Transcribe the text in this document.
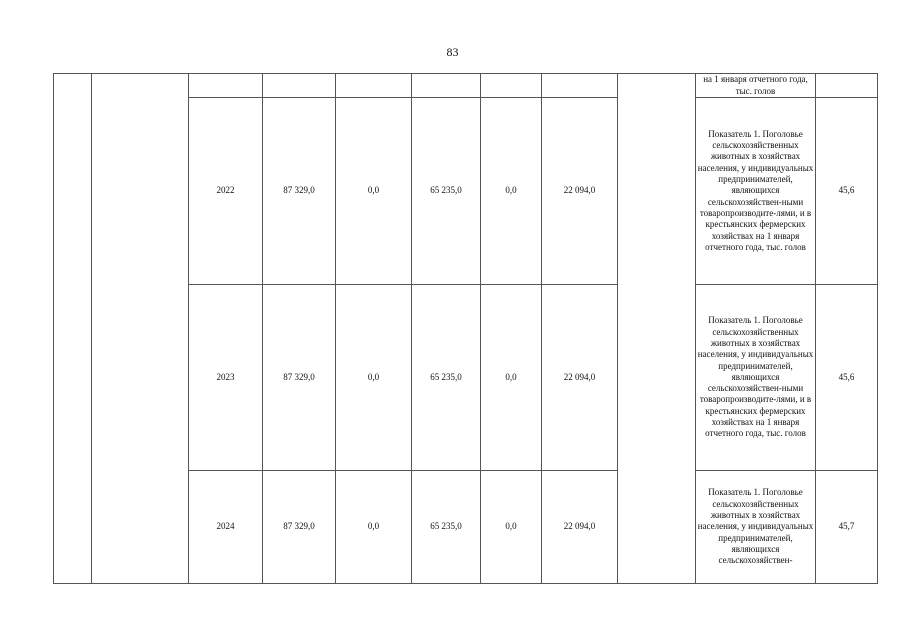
83
									на 1 января отчетного года, тыс. голов	
		2022	87 329,0	0,0	65 235,0	0,0	22 094,0		Показатель 1. Поголовье сельскохозяйственных животных в хозяйствах населения, у индивидуальных предпринимателей, являющихся сельскохозяйствен-ными товаропроизводите-лями, и в крестьянских фермерских хозяйствах на 1 января отчетного года, тыс. голов	45,6
		2023	87 329,0	0,0	65 235,0	0,0	22 094,0		Показатель 1. Поголовье сельскохозяйственных животных в хозяйствах населения, у индивидуальных предпринимателей, являющихся сельскохозяйствен-ными товаропроизводите-лями, и в крестьянских фермерских хозяйствах на 1 января отчетного года, тыс. голов	45,6
		2024	87 329,0	0,0	65 235,0	0,0	22 094,0		Показатель 1. Поголовье сельскохозяйственных животных в хозяйствах населения, у индивидуальных предпринимателей, являющихся сельскохозяйствен-	45,7
